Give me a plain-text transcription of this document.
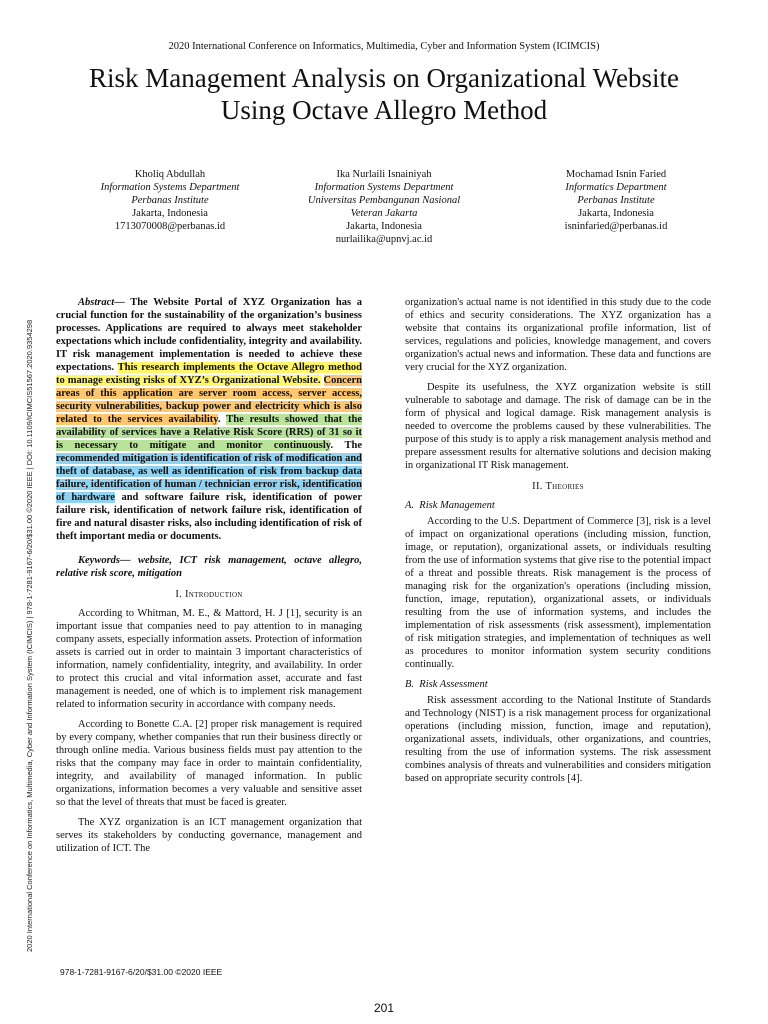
2020 International Conference on Informatics, Multimedia, Cyber and Information System (ICIMCIS)
Risk Management Analysis on Organizational Website Using Octave Allegro Method
Kholiq Abdullah
Information Systems Department
Perbanas Institute
Jakarta, Indonesia
1713070008@perbanas.id
Ika Nurlaili Isnainiyah
Information Systems Department
Universitas Pembangunan Nasional
Veteran Jakarta
Jakarta, Indonesia
nurlailika@upnvj.ac.id
Mochamad Isnin Faried
Informatics Department
Perbanas Institute
Jakarta, Indonesia
isninfaried@perbanas.id

Abstract— The Website Portal of XYZ Organization has a crucial function for the sustainability of the organization’s business processes. Applications are required to always meet stakeholder expectations which include confidentiality, integrity and availability. IT risk management implementation is needed to achieve these expectations. This research implements the Octave Allegro method to manage existing risks of XYZ’s Organizational Website. Concern areas of this application are server room access, server access, security vulnerabilities, backup power and electricity which is also related to the services availability. The results showed that the availability of services have a Relative Risk Score (RRS) of 31 so it is necessary to mitigate and monitor continuously. The recommended mitigation is identification of risk of modification and theft of database, as well as identification of risk from backup data failure, identification of human / technician error risk, identification of hardware and software failure risk, identification of power failure risk, identification of network failure risk, identification of fire and natural disaster risks, also including identification of risk of theft important media or documents.

Keywords— website, ICT risk management, octave allegro, relative risk score, mitigation

I. Introduction

According to Whitman, M. E., & Mattord, H. J [1], security is an important issue that companies need to pay attention to in managing company assets, especially information assets. Protection of information assets is carried out in order to maintain 3 important characteristics of information, namely confidentiality, integrity, and availability. In order to protect this crucial and vital information asset, accurate and fast management is needed, one of which is to implement risk management related to information security in accordance with company needs.

According to Bonette C.A. [2] proper risk management is required by every company, whether companies that run their business directly or through online media. Various business fields must pay attention to the risks that the company may face in order to maintain confidentiality, integrity, and availability of managed information. In public organizations, information becomes a very valuable and sensitive asset so that the level of threats that must be faced is greater.

The XYZ organization is an ICT management organization that serves its stakeholders by conducting governance, management and utilization of ICT. The

organization's actual name is not identified in this study due to the code of ethics and security considerations. The XYZ organization has a website that contains its organizational profile information, list of services, regulations and policies, knowledge management, and covers organization's actual news and information. These data and functions are very crucial for the XYZ organization.

Despite its usefulness, the XYZ organization website is still vulnerable to sabotage and damage. The risk of damage can be in the form of physical and logical damage. Risk management analysis is needed to overcome the problems caused by these vulnerabilities. The purpose of this study is to apply a risk management analysis method and prepare assessment results for alternative solutions and decision making in organizational IT Risk management.

II. Theories
A. Risk Management

According to the U.S. Department of Commerce [3], risk is a level of impact on organizational operations (including mission, function, image, or reputation), organizational assets, or individuals resulting from the use of information systems that give rise to the potential impact of a threat and possible threats. Risk management is the process of managing risk for the organization's operations (including mission, function, image, reputation), organizational assets, or individuals resulting from the use of information systems, and includes the implementation of risk assessments (risk assessment), implementation of risk mitigation strategies, and implementation of techniques as well as procedures to monitor information system security conditions continually.

B. Risk Assessment

Risk assessment according to the National Institute of Standards and Technology (NIST) is a risk management process for organizational operations (including mission, function, image and reputation), organizational assets, individuals, other organizations, and countries, resulting from the use of information systems. The risk assessment combines analysis of threats and vulnerabilities and considers mitigation based on appropriate security controls [4].

2020 International Conference on Informatics, Multimedia, Cyber and Information System (ICIMCIS) | 978-1-7281-9167-6/20/$31.00 ©2020 IEEE | DOI: 10.1109/ICIMCIS51567.2020.9354298
978-1-7281-9167-6/20/$31.00 ©2020 IEEE
201
